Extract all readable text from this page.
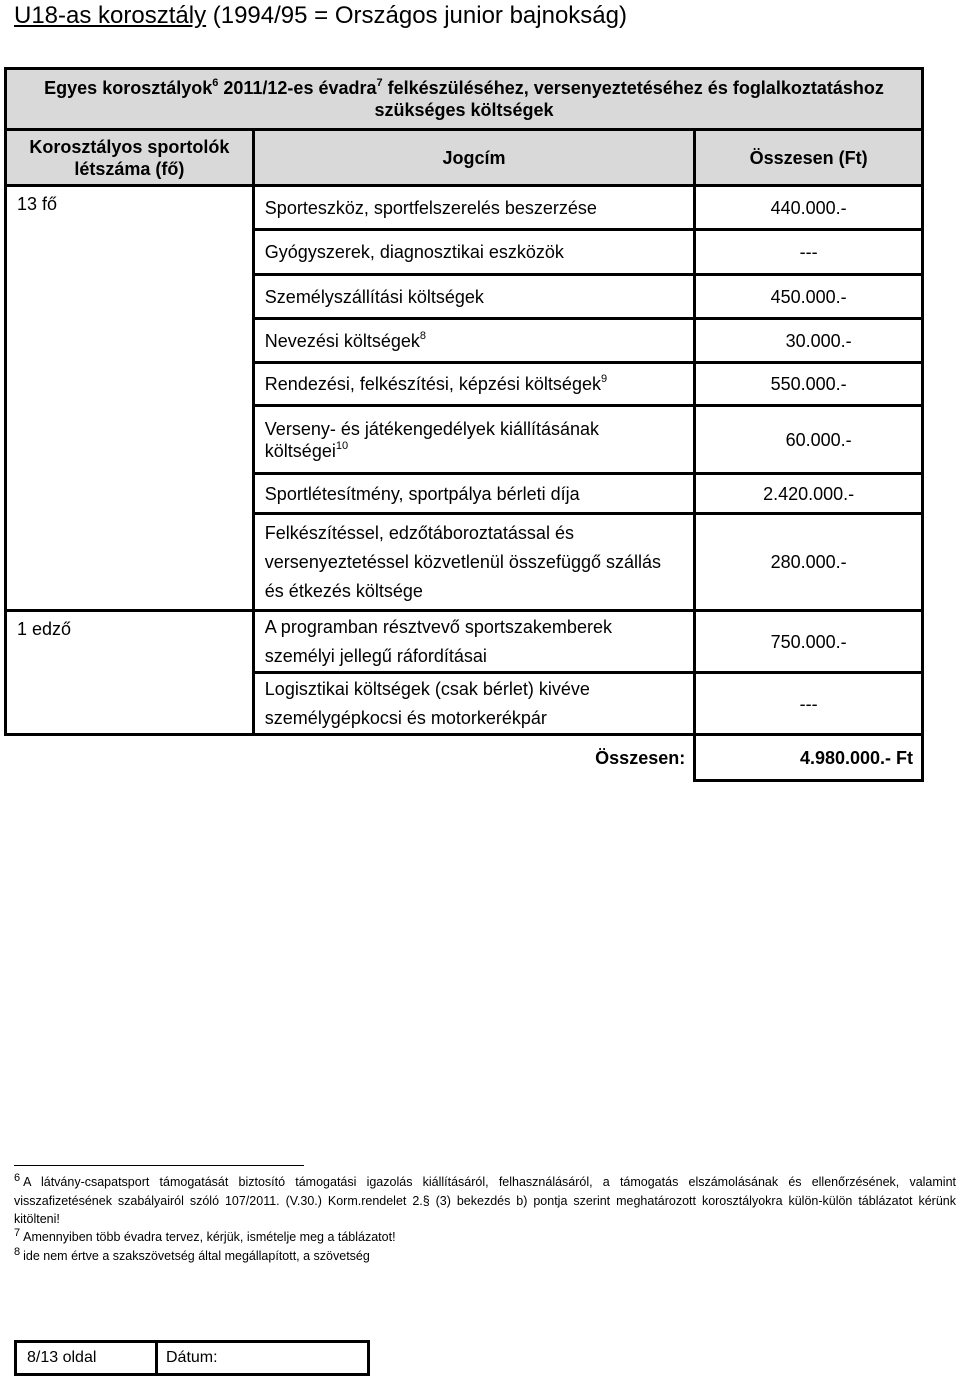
U18-as korosztály (1994/95 = Országos junior bajnokság)
Egyes korosztályok$^6$ 2011/12-es évadra$^7$ felkészüléséhez, versenyeztetéséhez és foglalkoztatáshoz
szükséges költségek		
Korosztályos sportolók létszáma (fő)	Jogcím	Összesen (Ft)
13 fő	Sporteszköz, sportfelszerelés beszerzése	440.000.-
	Gyógyszerek, diagnosztikai eszközök	---
	Személyszállítási költségek	450.000.-
	Nevezési költségek$^8$	30.000.-
	Rendezési, felkészítési, képzési költségek$^9$	550.000.-
	Verseny- és játékengedélyek kiállításának költségei$^{10}$	60.000.-
	Sportlétesítmény, sportpálya bérleti díja	2.420.000.-
	Felkészítéssel, edzőtáboroztatással és versenyeztetéssel közvetlenül összefüggő szállás és étkezés költsége	280.000.-
1 edző	A programban résztvevő sportszakemberek személyi jellegű ráfordításai	750.000.-
	Logisztikai költségek (csak bérlet) kivéve személygépkocsi és motorkerékpár	---
	Összesen:	4.980.000.- Ft

6 A látvány-csapatsport támogatását biztosító támogatási igazolás kiállításáról, felhasználásáról, a támogatás elszámolásának és ellenőrzésének, valamint visszafizetésének szabályairól szóló 107/2011. (V.30.) Korm.rendelet 2.§ (3) bekezdés b) pontja szerint meghatározott korosztályokra külön-külön táblázatot kérünk kitölteni!

7 Amennyiben több évadra tervez, kérjük, ismételje meg a táblázatot!

8 ide nem értve a szakszövetség által megállapított, a szövetség

8/13 oldal	Dátum:
